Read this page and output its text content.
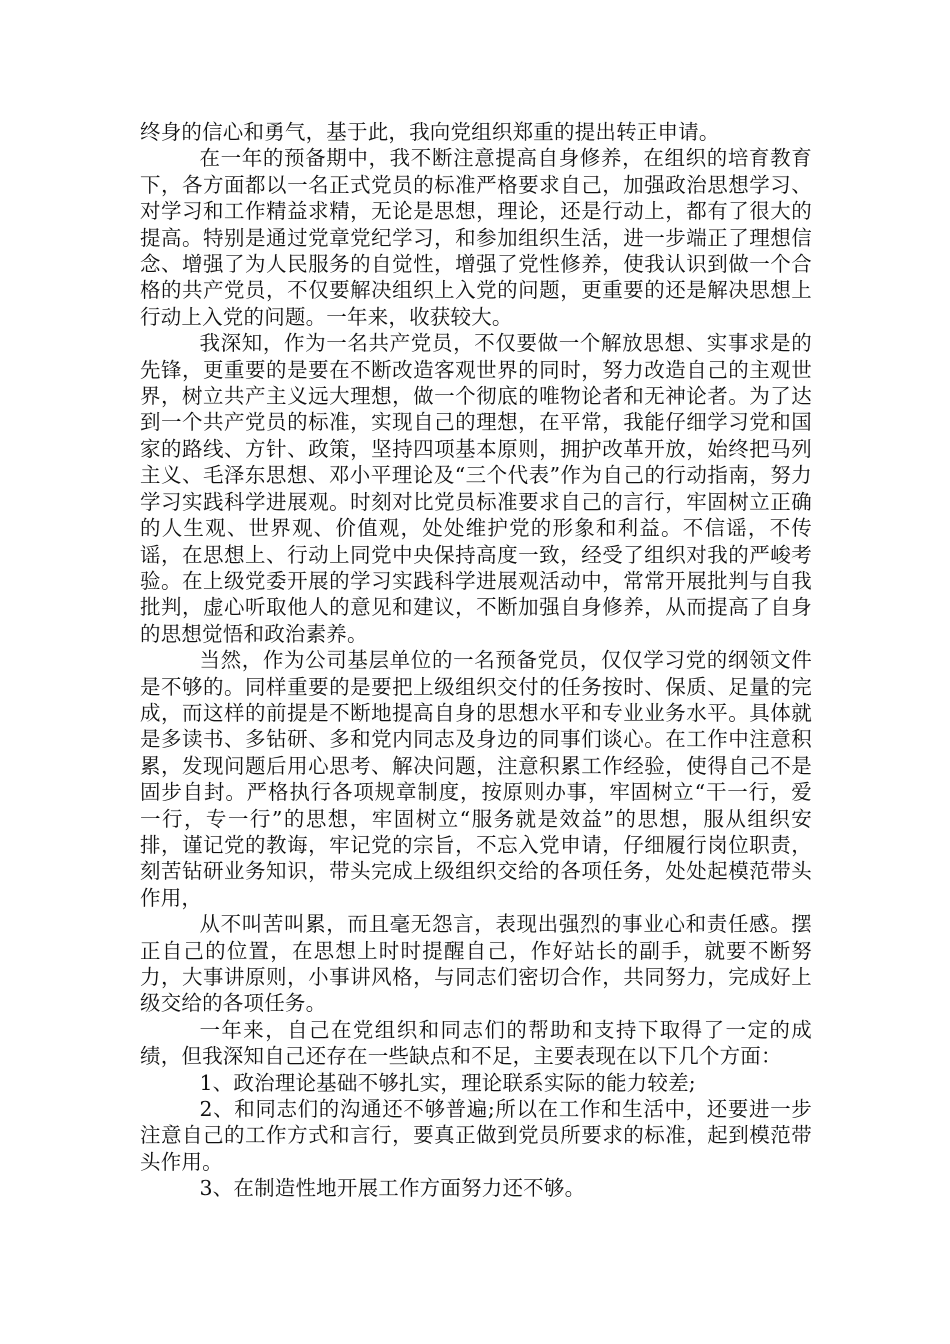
终身的信心和勇气，基于此，我向党组织郑重的提出转正申请。

在一年的预备期中，我不断注意提高自身修养，在组织的培育教育下，各方面都以一名正式党员的标准严格要求自己，加强政治思想学习、对学习和工作精益求精，无论是思想，理论，还是行动上，都有了很大的提高。特别是通过党章党纪学习，和参加组织生活，进一步端正了理想信念、增强了为人民服务的自觉性，增强了党性修养，使我认识到做一个合格的共产党员，不仅要解决组织上入党的问题，更重要的还是解决思想上行动上入党的问题。一年来，收获较大。

我深知，作为一名共产党员，不仅要做一个解放思想、实事求是的先锋，更重要的是要在不断改造客观世界的同时，努力改造自己的主观世界，树立共产主义远大理想，做一个彻底的唯物论者和无神论者。为了达到一个共产党员的标准，实现自己的理想，在平常，我能仔细学习党和国家的路线、方针、政策，坚持四项基本原则，拥护改革开放，始终把马列主义、毛泽东思想、邓小平理论及“三个代表”作为自己的行动指南，努力学习实践科学进展观。时刻对比党员标准要求自己的言行，牢固树立正确的人生观、世界观、价值观，处处维护党的形象和利益。不信谣，不传谣，在思想上、行动上同党中央保持高度一致，经受了组织对我的严峻考验。在上级党委开展的学习实践科学进展观活动中，常常开展批判与自我批判，虚心听取他人的意见和建议，不断加强自身修养，从而提高了自身的思想觉悟和政治素养。

当然，作为公司基层单位的一名预备党员，仅仅学习党的纲领文件是不够的。同样重要的是要把上级组织交付的任务按时、保质、足量的完成，而这样的前提是不断地提高自身的思想水平和专业业务水平。具体就是多读书、多钻研、多和党内同志及身边的同事们谈心。在工作中注意积累，发现问题后用心思考、解决问题，注意积累工作经验，使得自己不是固步自封。严格执行各项规章制度，按原则办事，牢固树立“干一行，爱一行，专一行”的思想，牢固树立“服务就是效益”的思想，服从组织安排，谨记党的教诲，牢记党的宗旨，不忘入党申请，仔细履行岗位职责，刻苦钻研业务知识，带头完成上级组织交给的各项任务，处处起模范带头作用，

从不叫苦叫累，而且毫无怨言，表现出强烈的事业心和责任感。摆正自己的位置，在思想上时时提醒自己，作好站长的副手，就要不断努力，大事讲原则，小事讲风格，与同志们密切合作，共同努力，完成好上级交给的各项任务。

一年来，自己在党组织和同志们的帮助和支持下取得了一定的成绩，但我深知自己还存在一些缺点和不足，主要表现在以下几个方面：

1、政治理论基础不够扎实，理论联系实际的能力较差;

2、和同志们的沟通还不够普遍;所以在工作和生活中，还要进一步注意自己的工作方式和言行，要真正做到党员所要求的标准，起到模范带头作用。

3、在制造性地开展工作方面努力还不够。
